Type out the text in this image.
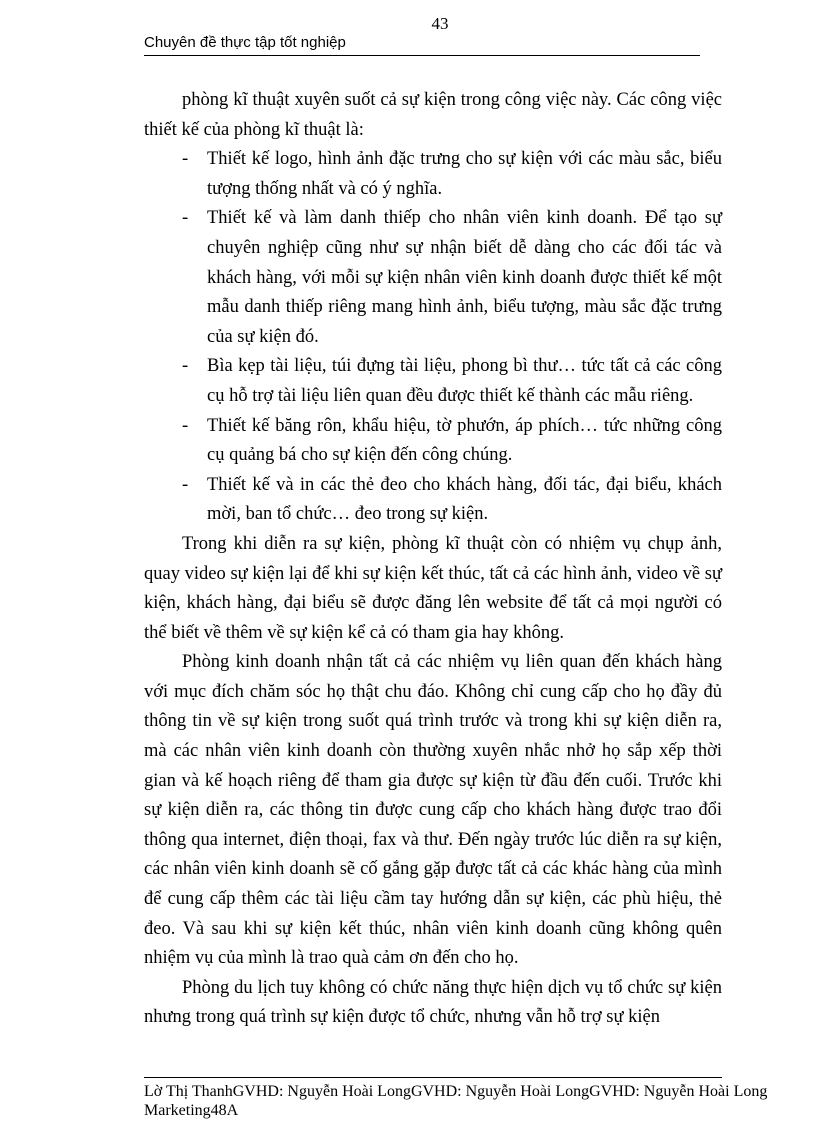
43
Chuyên đề thực tập tốt nghiệp

phòng kĩ thuật xuyên suốt cả sự kiện trong công việc này. Các công việc thiết kế của phòng kĩ thuật là:

- Thiết kế logo, hình ảnh đặc trưng cho sự kiện với các màu sắc, biểu tượng thống nhất và có ý nghĩa.
- Thiết kế và làm danh thiếp cho nhân viên kinh doanh. Để tạo sự chuyên nghiệp cũng như sự nhận biết dễ dàng cho các đối tác và khách hàng, với mỗi sự kiện nhân viên kinh doanh được thiết kế một mẫu danh thiếp riêng mang hình ảnh, biểu tượng, màu sắc đặc trưng của sự kiện đó.
- Bìa kẹp tài liệu, túi đựng tài liệu, phong bì thư… tức tất cả các công cụ hỗ trợ tài liệu liên quan đều được thiết kế thành các mẫu riêng.
- Thiết kế băng rôn, khẩu hiệu, tờ phướn, áp phích… tức những công cụ quảng bá cho sự kiện đến công chúng.
- Thiết kế và in các thẻ đeo cho khách hàng, đối tác, đại biểu, khách mời, ban tổ chức… đeo trong sự kiện.

Trong khi diễn ra sự kiện, phòng kĩ thuật còn có nhiệm vụ chụp ảnh, quay video sự kiện lại để khi sự kiện kết thúc, tất cả các hình ảnh, video về sự kiện, khách hàng, đại biểu sẽ được đăng lên website để tất cả mọi người có thể biết về thêm về sự kiện kể cả có tham gia hay không.

Phòng kinh doanh nhận tất cả các nhiệm vụ liên quan đến khách hàng với mục đích chăm sóc họ thật chu đáo. Không chỉ cung cấp cho họ đầy đủ thông tin về sự kiện trong suốt quá trình trước và trong khi sự kiện diễn ra, mà các nhân viên kinh doanh còn thường xuyên nhắc nhở họ sắp xếp thời gian và kế hoạch riêng để tham gia được sự kiện từ đầu đến cuối. Trước khi sự kiện diễn ra, các thông tin được cung cấp cho khách hàng được trao đổi thông qua internet, điện thoại, fax và thư. Đến ngày trước lúc diễn ra sự kiện, các nhân viên kinh doanh sẽ cố gắng gặp được tất cả các khác hàng của mình để cung cấp thêm các tài liệu cầm tay hướng dẫn sự kiện, các phù hiệu, thẻ đeo. Và sau khi sự kiện kết thúc, nhân viên kinh doanh cũng không quên nhiệm vụ của mình là trao quà cảm ơn đến cho họ.

Phòng du lịch tuy không có chức năng thực hiện dịch vụ tổ chức sự kiện nhưng trong quá trình sự kiện được tổ chức, nhưng vẫn hỗ trợ sự kiện

Lờ Thị ThanhGVHD: Nguyễn Hoài LongGVHD: Nguyễn Hoài LongGVHD: Nguyễn Hoài Long
Marketing48A
